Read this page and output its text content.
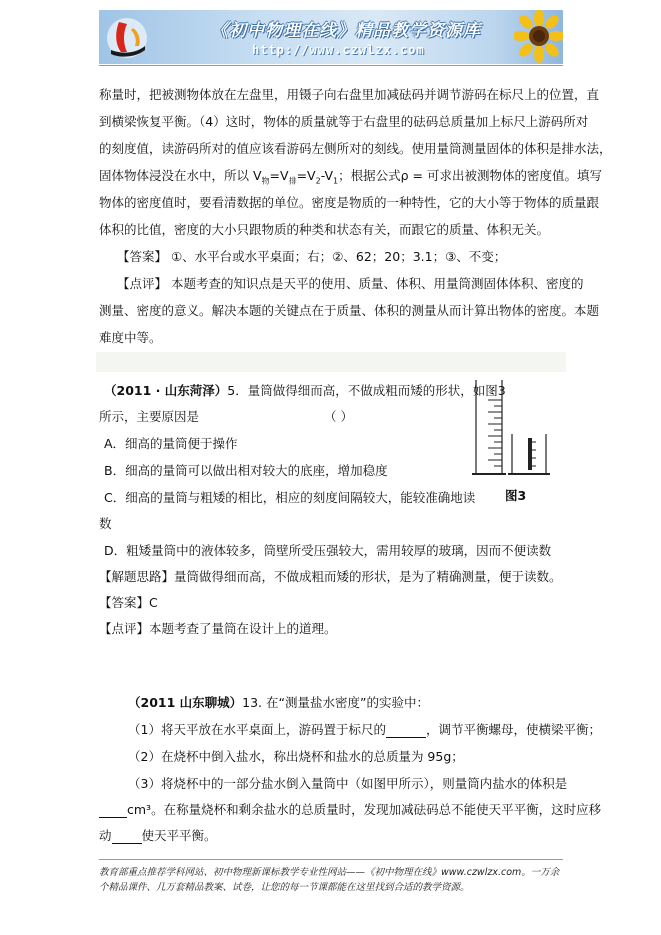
《初中物理在线》精品教学资源库
http://www.czwlzx.com
称量时，把被测物体放在左盘里，用镊子向右盘里加减砝码并调节游码在标尺上的位置，直
到横梁恢复平衡。（4）这时，物体的质量就等于右盘里的砝码总质量加上标尺上游码所对
的刻度值，读游码所对的值应该看游码左侧所对的刻线。使用量筒测量固体的体积是排水法，
固体物体浸没在水中，所以 $V_物=V_排=V_2-V_1$；根据公式ρ = 可求出被测物体的密度值。填写
物体的密度值时，要看清数据的单位。密度是物质的一种特性，它的大小等于物体的质量跟
体积的比值，密度的大小只跟物质的种类和状态有关，而跟它的质量、体积无关。
【答案】 ①、水平台或水平桌面；右；②、62；20；3.1；③、不变；
【点评】 本题考查的知识点是天平的使用、质量、体积、用量筒测固体体积、密度的
测量、密度的意义。解决本题的关键点在于质量、体积的测量从而计算出物体的密度。本题
难度中等。
（2011 · 山东菏泽）5．量筒做得细而高，不做成粗而矮的形状，如图3
所示，主要原因是	（ ）
A．细高的量筒便于操作
B．细高的量筒可以做出相对较大的底座，增加稳度
C．细高的量筒与粗矮的相比，相应的刻度间隔较大，能较准确地读
数
D．粗矮量筒中的液体较多，筒壁所受压强较大，需用较厚的玻璃，因而不便读数
图3
【解题思路】量筒做得细而高，不做成粗而矮的形状，是为了精确测量，便于读数。
【答案】C
【点评】本题考查了量筒在设计上的道理。
（2011 山东聊城）13. 在“测量盐水密度”的实验中：
（1）将天平放在水平桌面上，游码置于标尺的	，调节平衡螺母，使横梁平衡；
（2）在烧杯中倒入盐水，称出烧杯和盐水的总质量为 95g；
（3）将烧杯中的一部分盐水倒入量筒中（如图甲所示），则量筒内盐水的体积是
cm³。在称量烧杯和剩余盐水的总质量时，发现加减砝码总不能使天平平衡，这时应移
动 使天平平衡。
教育部重点推荐学科网站、初中物理新课标教学专业性网站——《初中物理在线》www.czwlzx.com。一万余
个精品课件、几万套精品教案、试卷，让您的每一节课都能在这里找到合适的教学资源。
